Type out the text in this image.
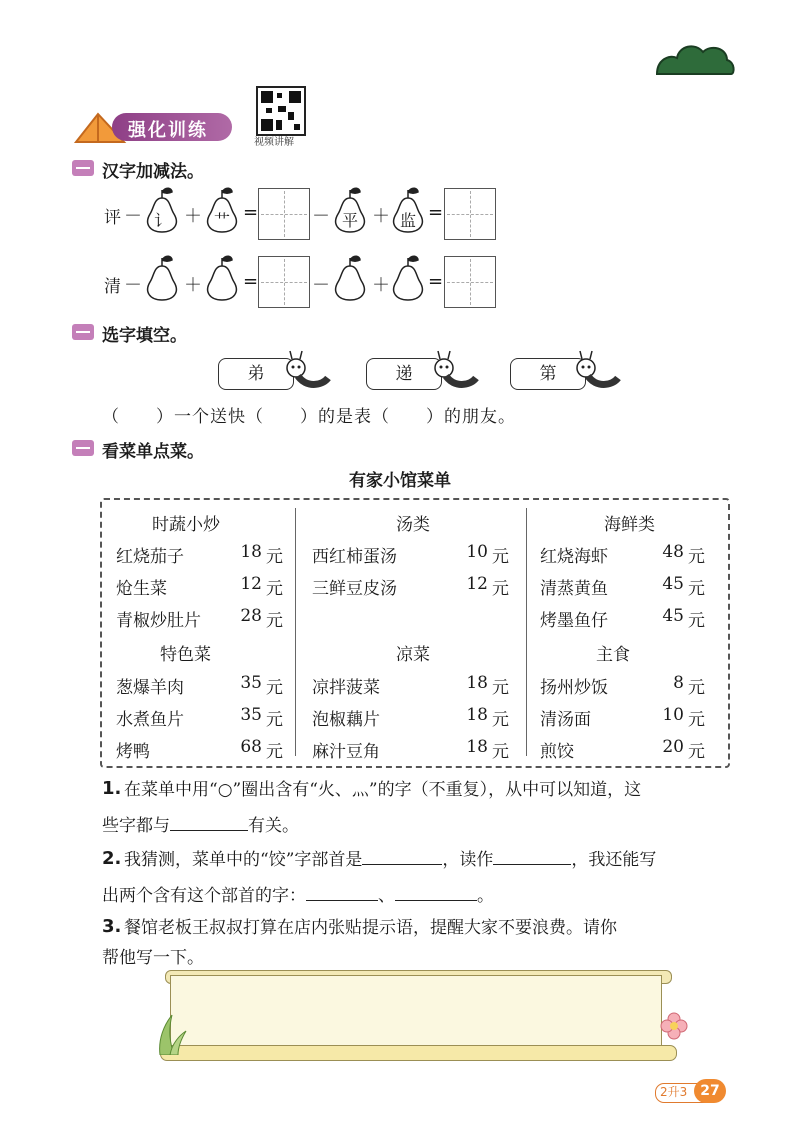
强化训练
视频讲解
汉字加减法。
评 － 讠 ＋ 艹 =	－ 平 ＋ 监 =
清 － ＋ =	－ ＋ =
选字填空。
弟	递	第
（　　）一个送快（　　）的是表（　　）的朋友。
看菜单点菜。
有家小馆菜单
时蔬小炒
红烧茄子	18 元
炝生菜	12 元
青椒炒肚片	28 元
特色菜
葱爆羊肉	35 元
水煮鱼片	35 元
烤鸭	68 元
汤类
西红柿蛋汤	10 元
三鲜豆皮汤	12 元
凉菜
凉拌菠菜	18 元
泡椒藕片	18 元
麻汁豆角	18 元
海鲜类
红烧海虾	48 元
清蒸黄鱼	45 元
烤墨鱼仔	45 元
主食
扬州炒饭	8 元
清汤面	10 元
煎饺	20 元
1. 在菜单中用“○”圈出含有“火、灬”的字（不重复），从中可以知道，这
些字都与	有关。
2. 我猜测，菜单中的“饺”字部首是	，读作	，我还能写
出两个含有这个部首的字：	、	。
3. 餐馆老板王叔叔打算在店内张贴提示语，提醒大家不要浪费。请你
帮他写一下。
2升3 27
